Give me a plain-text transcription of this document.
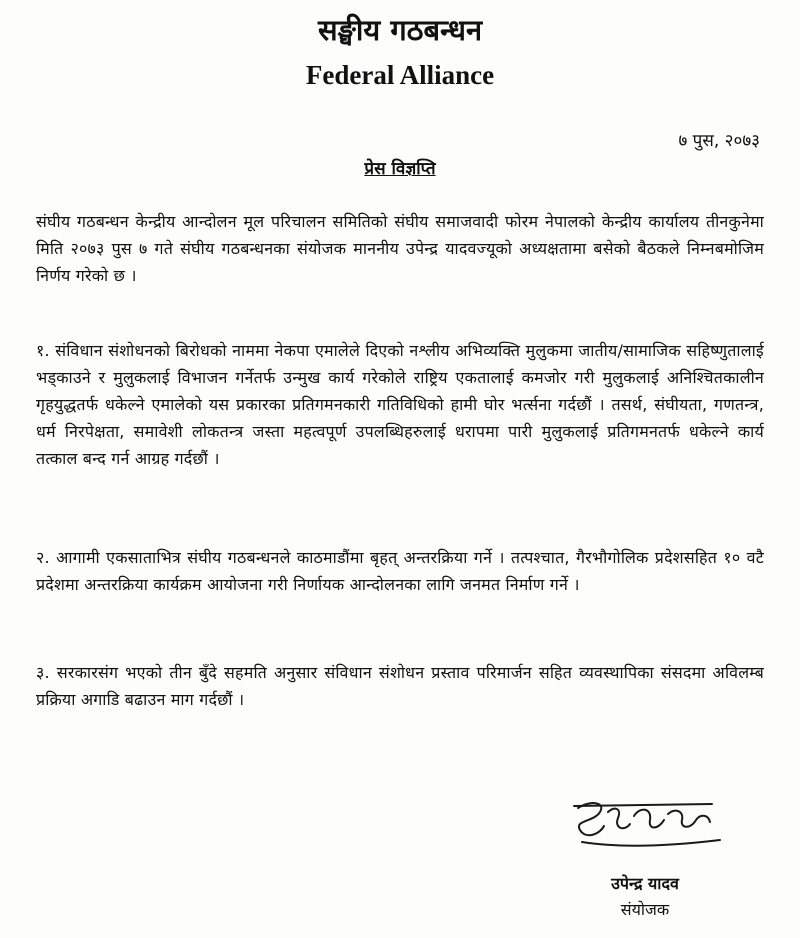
सङ्घीय गठबन्धन
Federal Alliance
७ पुस, २०७३
प्रेस विज्ञप्ति

संघीय गठबन्धन केन्द्रीय आन्दोलन मूल परिचालन समितिको संघीय समाजवादी फोरम नेपालको केन्द्रीय कार्यालय तीनकुनेमा मिति २०७३ पुस ७ गते संघीय गठबन्धनका संयोजक माननीय उपेन्द्र यादवज्यूको अध्यक्षतामा बसेको बैठकले निम्नबमोजिम निर्णय गरेको छ ।

१. संविधान संशोधनको बिरोधको नाममा नेकपा एमालेले दिएको नश्लीय अभिव्यक्ति मुलुकमा जातीय/सामाजिक सहिष्णुतालाई भड्काउने र मुलुकलाई विभाजन गर्नेतर्फ उन्मुख कार्य गरेकोले राष्ट्रिय एकतालाई कमजोर गरी मुलुकलाई अनिश्चितकालीन गृहयुद्धतर्फ धकेल्ने एमालेको यस प्रकारका प्रतिगमनकारी गतिविधिको हामी घोर भर्त्सना गर्दछौं । तसर्थ, संघीयता, गणतन्त्र, धर्म निरपेक्षता, समावेशी लोकतन्त्र जस्ता महत्वपूर्ण उपलब्धिहरुलाई धरापमा पारी मुलुकलाई प्रतिगमनतर्फ धकेल्ने कार्य तत्काल बन्द गर्न आग्रह गर्दछौं ।

२. आगामी एकसाताभित्र संघीय गठबन्धनले काठमाडौंमा बृहत् अन्तरक्रिया गर्ने । तत्पश्चात, गैरभौगोलिक प्रदेशसहित १० वटै प्रदेशमा अन्तरक्रिया कार्यक्रम आयोजना गरी निर्णायक आन्दोलनका लागि जनमत निर्माण गर्ने ।

३. सरकारसंग भएको तीन बुँदे सहमति अनुसार संविधान संशोधन प्रस्ताव परिमार्जन सहित व्यवस्थापिका संसदमा अविलम्ब प्रक्रिया अगाडि बढाउन माग गर्दछौं ।

उपेन्द्र यादव
संयोजक
